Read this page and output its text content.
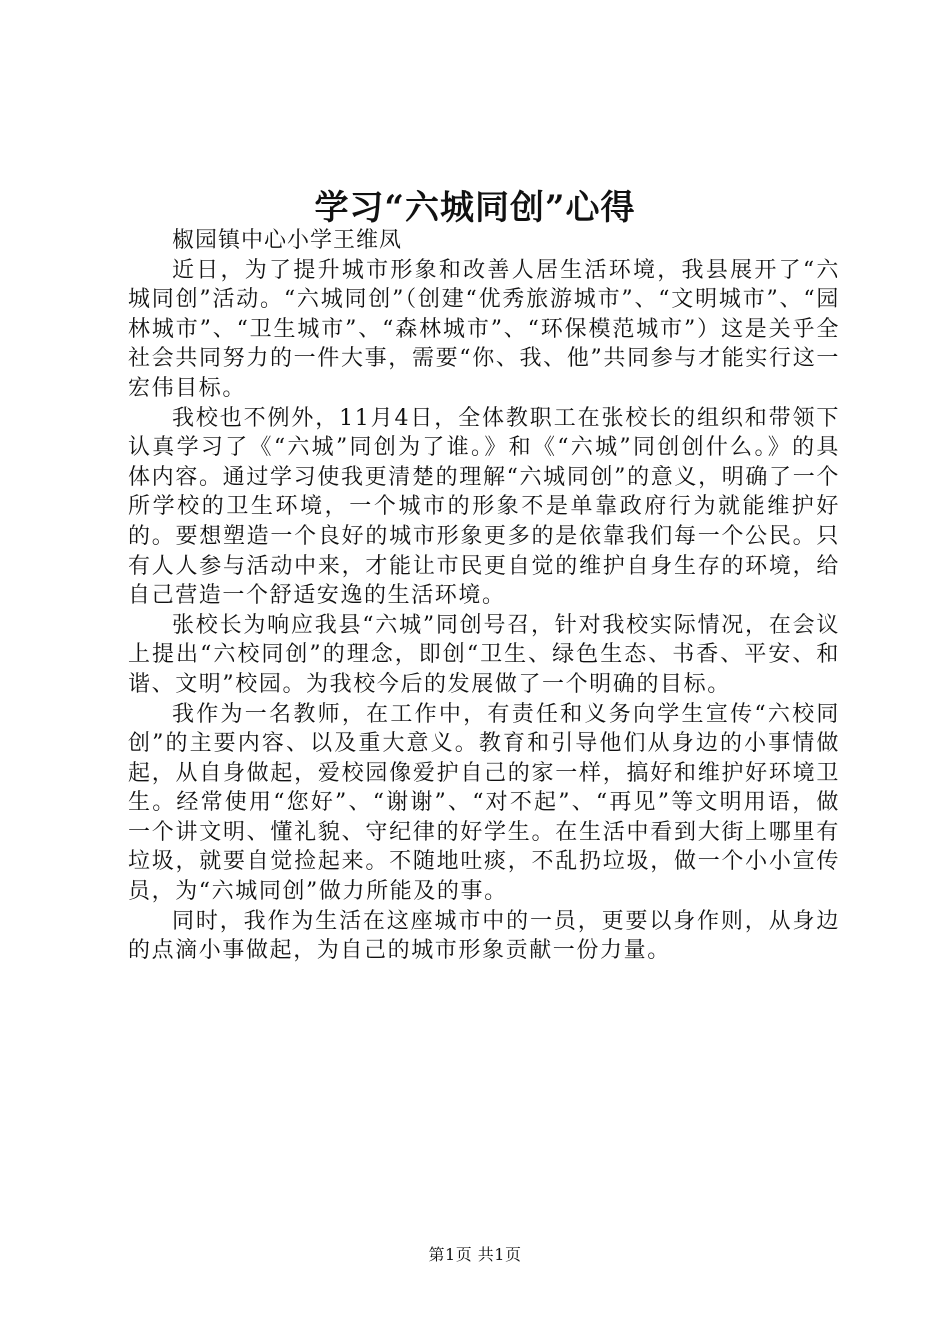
学习“六城同创”心得

椒园镇中心小学王维凤

近日，为了提升城市形象和改善人居生活环境，我县展开了“六城同创”活动。“六城同创”（创建“优秀旅游城市”、“文明城市”、“园林城市”、“卫生城市”、“森林城市”、“环保模范城市”）这是关乎全社会共同努力的一件大事，需要“你、我、他”共同参与才能实行这一宏伟目标。

我校也不例外，11月4日，全体教职工在张校长的组织和带领下认真学习了《“六城”同创为了谁。》和《“六城”同创创什么。》的具体内容。通过学习使我更清楚的理解“六城同创”的意义，明确了一个所学校的卫生环境，一个城市的形象不是单靠政府行为就能维护好的。要想塑造一个良好的城市形象更多的是依靠我们每一个公民。只有人人参与活动中来，才能让市民更自觉的维护自身生存的环境，给自己营造一个舒适安逸的生活环境。

张校长为响应我县“六城”同创号召，针对我校实际情况，在会议上提出“六校同创”的理念，即创“卫生、绿色生态、书香、平安、和谐、文明”校园。为我校今后的发展做了一个明确的目标。

我作为一名教师，在工作中，有责任和义务向学生宣传“六校同创”的主要内容、以及重大意义。教育和引导他们从身边的小事情做起，从自身做起，爱校园像爱护自己的家一样，搞好和维护好环境卫生。经常使用“您好”、“谢谢”、“对不起”、“再见”等文明用语，做一个讲文明、懂礼貌、守纪律的好学生。在生活中看到大街上哪里有垃圾，就要自觉捡起来。不随地吐痰，不乱扔垃圾，做一个小小宣传员，为“六城同创”做力所能及的事。

同时，我作为生活在这座城市中的一员，更要以身作则，从身边的点滴小事做起，为自己的城市形象贡献一份力量。

第1页 共1页
